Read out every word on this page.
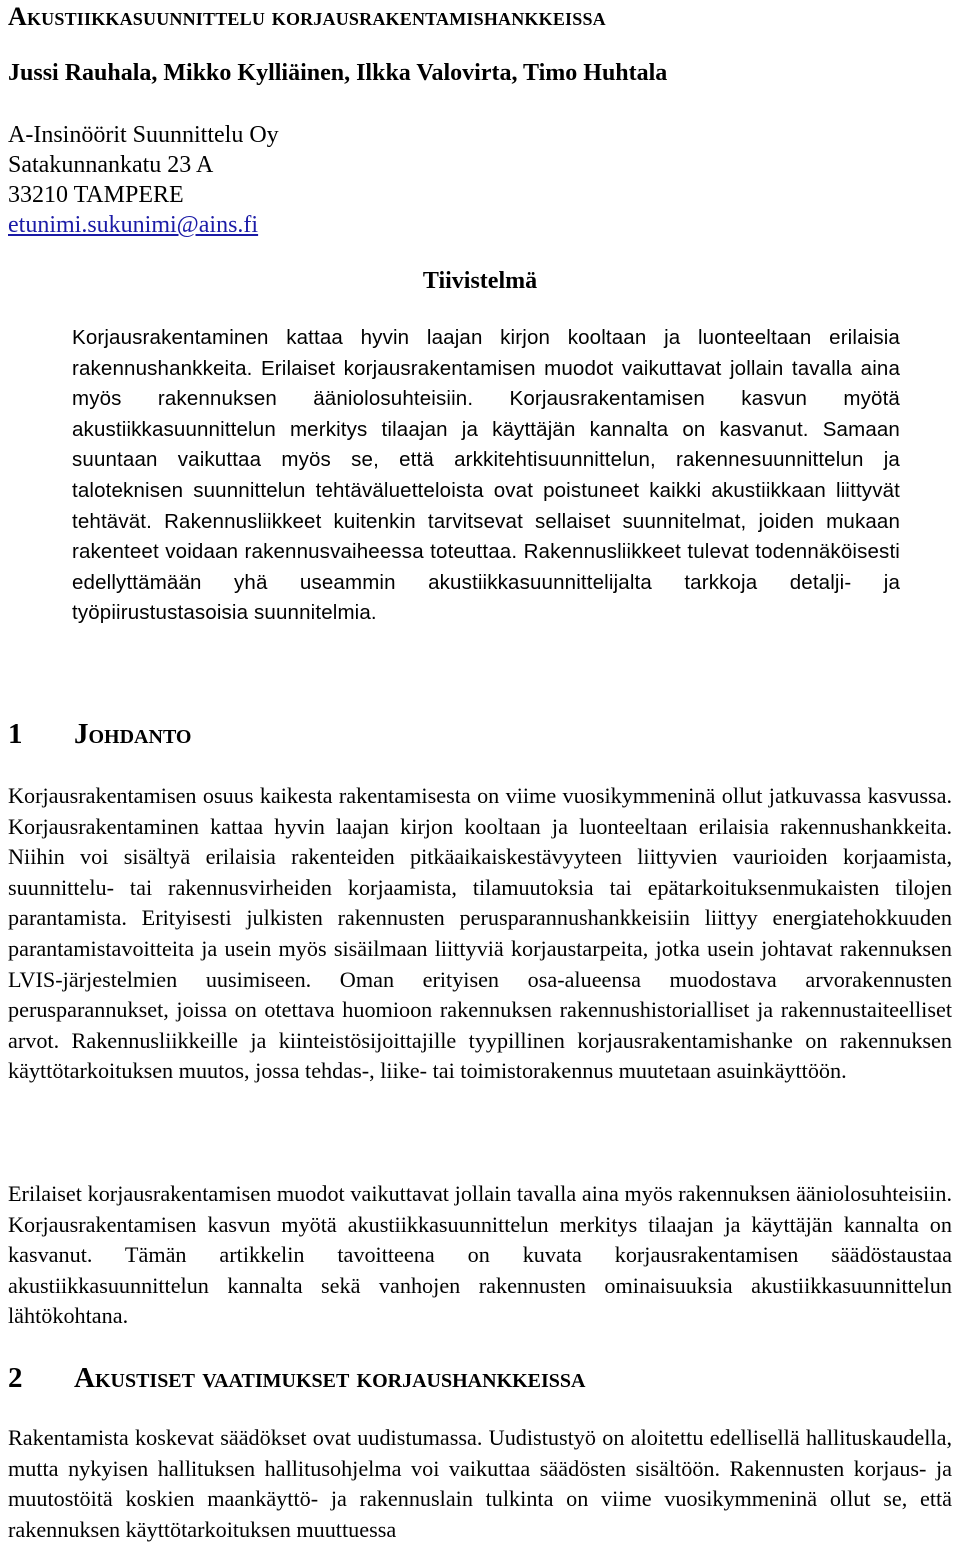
Akustiikkasuunnittelu korjausrakentamishankkeissa
Jussi Rauhala, Mikko Kylliäinen, Ilkka Valovirta, Timo Huhtala
A-Insinöörit Suunnittelu Oy
Satakunnankatu 23 A
33210 TAMPERE
etunimi.sukunimi@ains.fi
Tiivistelmä
Korjausrakentaminen kattaa hyvin laajan kirjon kooltaan ja luonteeltaan erilaisia rakennushankkeita. Erilaiset korjausrakentamisen muodot vaikuttavat jollain tavalla aina myös rakennuksen ääniolosuhteisiin. Korjausrakentamisen kasvun myötä akustiikkasuunnittelun merkitys tilaajan ja käyttäjän kannalta on kasvanut. Samaan suuntaan vaikuttaa myös se, että arkkitehtisuunnittelun, rakennesuunnittelun ja taloteknisen suunnittelun tehtäväluetteloista ovat poistuneet kaikki akustiikkaan liittyvät tehtävät. Rakennusliikkeet kuitenkin tarvitsevat sellaiset suunnitelmat, joiden mukaan rakenteet voidaan rakennusvaiheessa toteuttaa. Rakennusliikkeet tulevat todennäköisesti edellyttämään yhä useammin akustiikkasuunnittelijalta tarkkoja detalji- ja työpiirustustasoisia suunnitelmia.
1 Johdanto
Korjausrakentamisen osuus kaikesta rakentamisesta on viime vuosikymmeninä ollut jatkuvassa kasvussa. Korjausrakentaminen kattaa hyvin laajan kirjon kooltaan ja luonteeltaan erilaisia rakennushankkeita. Niihin voi sisältyä erilaisia rakenteiden pitkäaikaiskestävyyteen liittyvien vaurioiden korjaamista, suunnittelu- tai rakennusvirheiden korjaamista, tilamuutoksia tai epätarkoituksenmukaisten tilojen parantamista. Erityisesti julkisten rakennusten perusparannushankkeisiin liittyy energiatehokkuuden parantamistavoitteita ja usein myös sisäilmaan liittyviä korjaustarpeita, jotka usein johtavat rakennuksen LVIS-järjestelmien uusimiseen. Oman erityisen osa-alueensa muodostava arvorakennusten perusparannukset, joissa on otettava huomioon rakennuksen rakennushistorialliset ja rakennustaiteelliset arvot. Rakennusliikkeille ja kiinteistösijoittajille tyypillinen korjausrakentamishanke on rakennuksen käyttötarkoituksen muutos, jossa tehdas-, liike- tai toimistorakennus muutetaan asuinkäyttöön.
Erilaiset korjausrakentamisen muodot vaikuttavat jollain tavalla aina myös rakennuksen ääniolosuhteisiin. Korjausrakentamisen kasvun myötä akustiikkasuunnittelun merkitys tilaajan ja käyttäjän kannalta on kasvanut. Tämän artikkelin tavoitteena on kuvata korjausrakentamisen säädöstaustaa akustiikkasuunnittelun kannalta sekä vanhojen rakennusten ominaisuuksia akustiikkasuunnittelun lähtökohtana.
2 Akustiset vaatimukset korjaushankkeissa
Rakentamista koskevat säädökset ovat uudistumassa. Uudistustyö on aloitettu edellisellä hallituskaudella, mutta nykyisen hallituksen hallitusohjelma voi vaikuttaa säädösten sisältöön. Rakennusten korjaus- ja muutostöitä koskien maankäyttö- ja rakennuslain tulkinta on viime vuosikymmeninä ollut se, että rakennuksen käyttötarkoituksen muuttuessa
